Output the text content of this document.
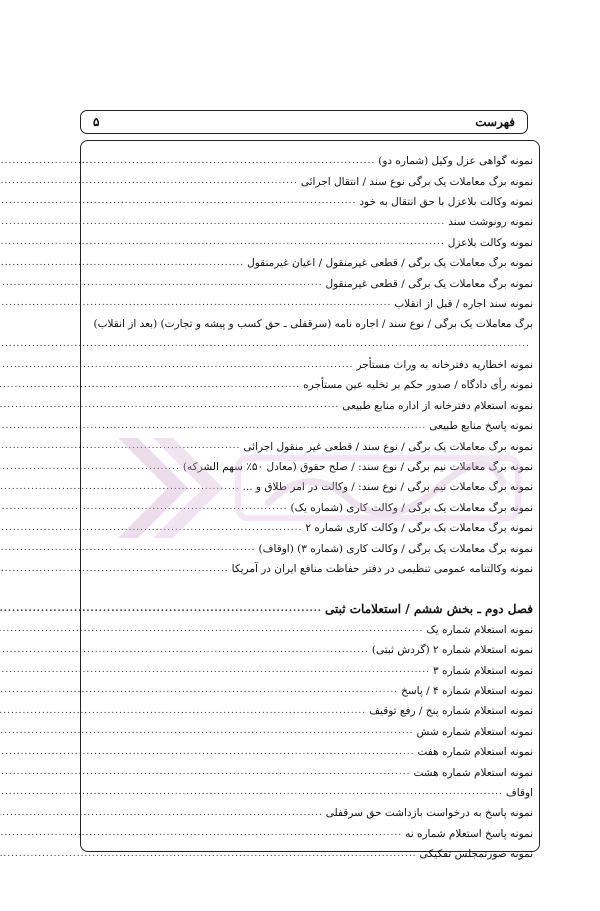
فهرست
۵
نمونه گواهی عزل وکیل (شماره دو)
.....
نمونه برگ معاملات یک برگی نوع سند / انتقال اجرائی
.....
نمونه وکالت بلاعزل با حق انتقال به خود
.....
نمونه رونوشت سند
.....
نمونه وکالت بلاعزل
.....
نمونه برگ معاملات یک برگی / قطعی غیرمنقول / اعیان غیرمنقول
.....
نمونه برگ معاملات یک برگی / قطعی غیرمنقول
.....
نمونه سند اجاره / قبل از انقلاب
.....
برگ معاملات یک برگی / نوع سند / اجاره نامه (سرقفلی ـ حق کسب و پیشه و تجارت) (بعد از انقلاب)
.....
نمونه اخطاریه دفترخانه به وراث مستأجر
.....
نمونه رأی دادگاه / صدور حکم بر تخلیه عین مستأجره
.....
نمونه استعلام دفترخانه از اداره منابع طبیعی
.....
نمونه پاسخ منابع طبیعی
.....
نمونه برگ معاملات یک برگی / نوع سند / قطعی غیر منقول اجرائی
.....
نمونه برگ معاملات نیم برگی / نوع سند: / صلح حقوق (معادل ۵۰٪ سهم الشرکه)
.....
نمونه برگ معاملات نیم برگی / نوع سند: / وکالت در امر طلاق و ...
.....
نمونه برگ معاملات یک برگی / وکالت کاری (شماره یک)
.....
نمونه برگ معاملات یک برگی / وکالت کاری شماره ۲
.....
نمونه برگ معاملات یک برگی / وکالت کاری (شماره ۳) (اوقاف)
.....
نمونه وکالتنامه عمومی تنظیمی در دفتر حفاظت منافع ایران در آمریکا
.....
فصل دوم ـ بخش ششم / استعلامات ثبتی
.....
نمونه استعلام شماره یک
.....
نمونه استعلام شماره ۲ (گردش ثبتی)
.....
نمونه استعلام شماره ۳
.....
نمونه استعلام شماره ۴ / پاسخ
.....
نمونه استعلام شماره پنج / رفع توقیف
.....
نمونه استعلام شماره شش
.....
نمونه استعلام شماره هفت
.....
نمونه استعلام شماره هشت
.....
اوقاف
.....
نمونه پاسخ به درخواست بازداشت حق سرقفلی
.....
نمونه پاسخ استعلام شماره نه
.....
نمونه صورتمجلس تفکیکی
.....
